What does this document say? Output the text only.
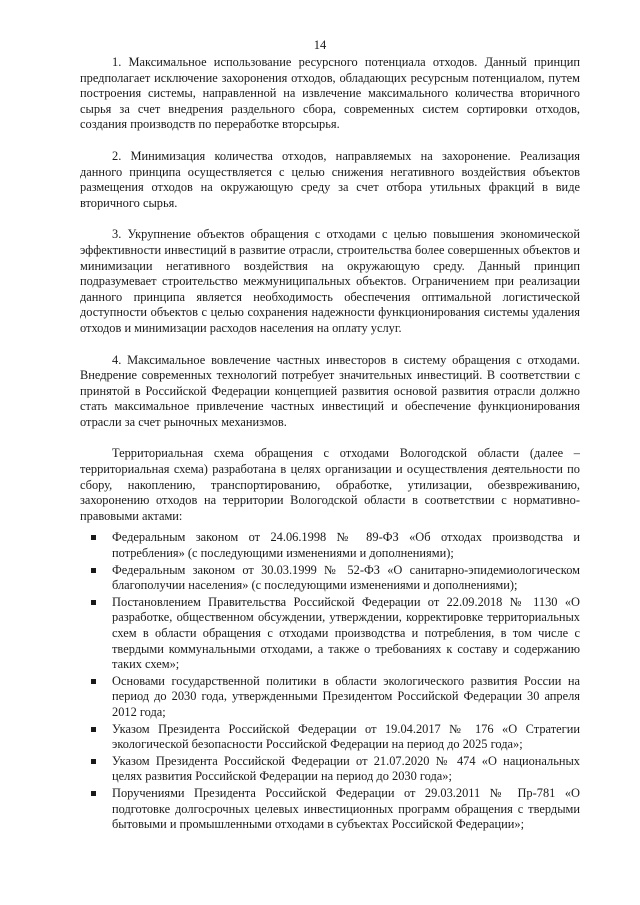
14

1. Максимальное использование ресурсного потенциала отходов. Данный принцип предполагает исключение захоронения отходов, обладающих ресурсным потенциалом, путем построения системы, направленной на извлечение максимального количества вторичного сырья за счет внедрения раздельного сбора, современных систем сортировки отходов, создания производств по переработке вторсырья.

2. Минимизация количества отходов, направляемых на захоронение. Реализация данного принципа осуществляется с целью снижения негативного воздействия объектов размещения отходов на окружающую среду за счет отбора утильных фракций в виде вторичного сырья.

3. Укрупнение объектов обращения с отходами с целью повышения экономической эффективности инвестиций в развитие отрасли, строительства более совершенных объектов и минимизации негативного воздействия на окружающую среду. Данный принцип подразумевает строительство межмуниципальных объектов. Ограничением при реализации данного принципа является необходимость обеспечения оптимальной логистической доступности объектов с целью сохранения надежности функционирования системы удаления отходов и минимизации расходов населения на оплату услуг.

4. Максимальное вовлечение частных инвесторов в систему обращения с отходами. Внедрение современных технологий потребует значительных инвестиций. В соответствии с принятой в Российской Федерации концепцией развития основой развития отрасли должно стать максимальное привлечение частных инвестиций и обеспечение функционирования отрасли за счет рыночных механизмов.

Территориальная схема обращения с отходами Вологодской области (далее – территориальная схема) разработана в целях организации и осуществления деятельности по сбору, накоплению, транспортированию, обработке, утилизации, обезвреживанию, захоронению отходов на территории Вологодской области в соответствии с нормативно-правовыми актами:

Федеральным законом от 24.06.1998 № 89-ФЗ «Об отходах производства и потребления» (с последующими изменениями и дополнениями);
Федеральным законом от 30.03.1999 № 52-ФЗ «О санитарно-эпидемиологическом благополучии населения» (с последующими изменениями и дополнениями);
Постановлением Правительства Российской Федерации от 22.09.2018 № 1130 «О разработке, общественном обсуждении, утверждении, корректировке территориальных схем в области обращения с отходами производства и потребления, в том числе с твердыми коммунальными отходами, а также о требованиях к составу и содержанию таких схем»;
Основами государственной политики в области экологического развития России на период до 2030 года, утвержденными Президентом Российской Федерации 30 апреля 2012 года;
Указом Президента Российской Федерации от 19.04.2017 № 176 «О Стратегии экологической безопасности Российской Федерации на период до 2025 года»;
Указом Президента Российской Федерации от 21.07.2020 № 474 «О национальных целях развития Российской Федерации на период до 2030 года»;
Поручениями Президента Российской Федерации от 29.03.2011 № Пр-781 «О подготовке долгосрочных целевых инвестиционных программ обращения с твердыми бытовыми и промышленными отходами в субъектах Российской Федерации»;
